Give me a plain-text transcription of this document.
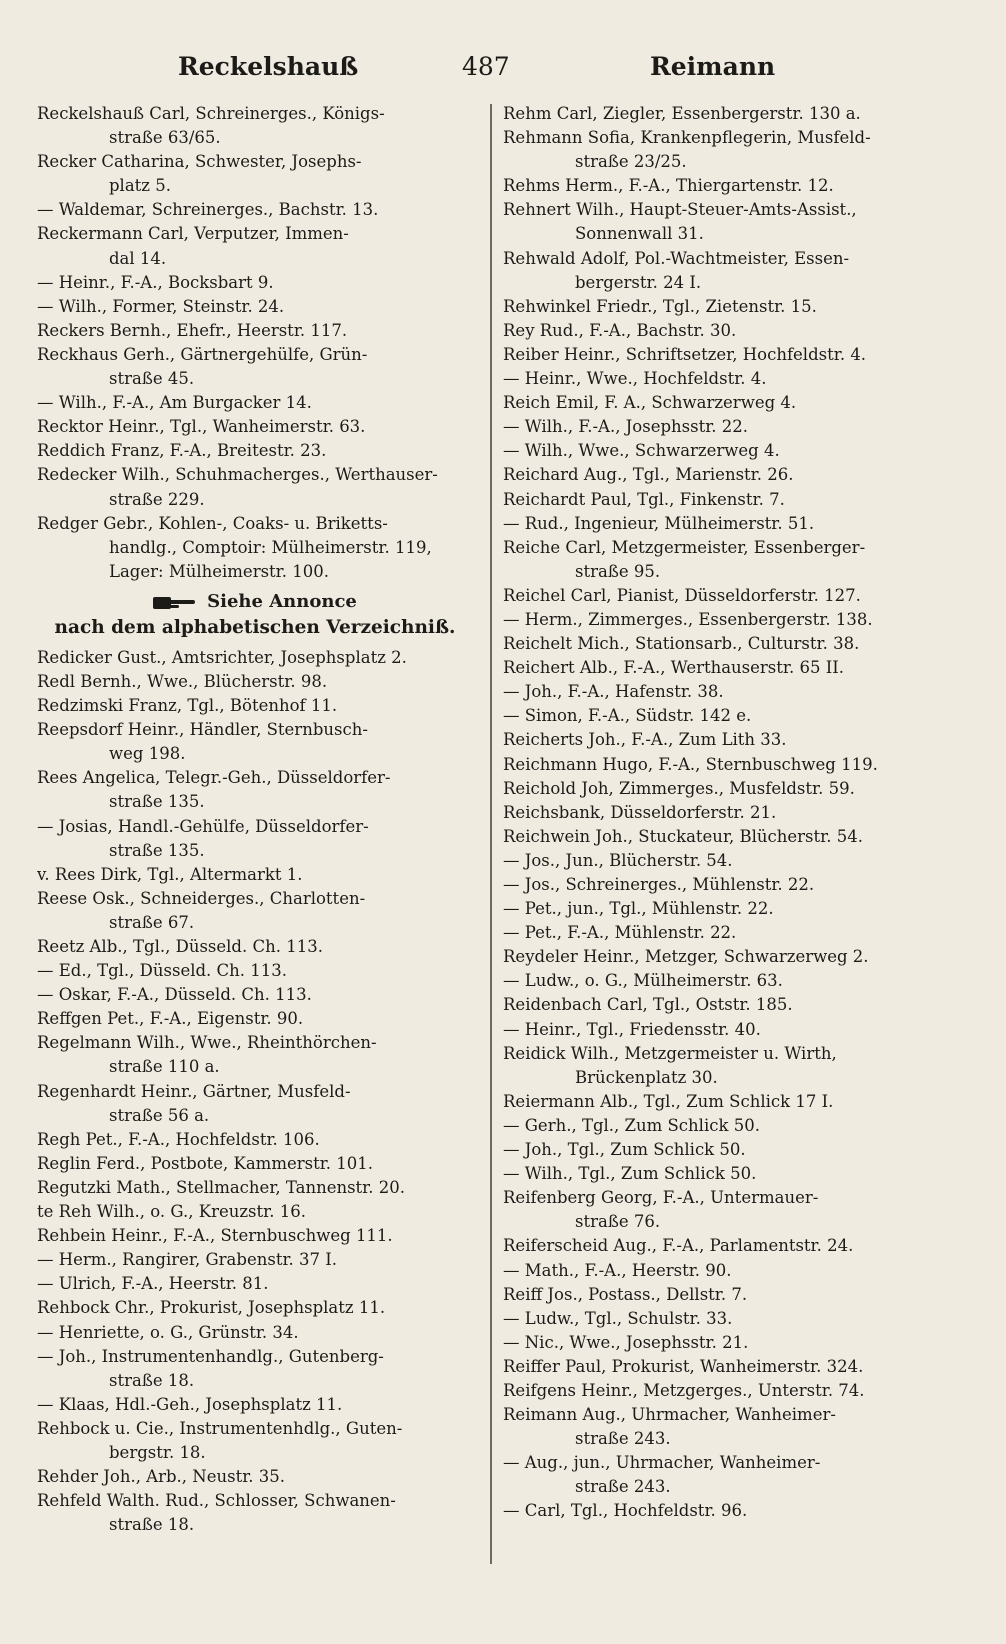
Reckelshauß	487	Reimann
Reckelshauß Carl, Schreinerges., Königs-
straße 63/65.
Recker Catharina, Schwester, Josephs-
platz 5.
— Waldemar, Schreinerges., Bachstr. 13.
Reckermann Carl, Verputzer, Immen-
dal 14.
— Heinr., F.-A., Bocksbart 9.
— Wilh., Former, Steinstr. 24.
Reckers Bernh., Ehefr., Heerstr. 117.
Reckhaus Gerh., Gärtnergehülfe, Grün-
straße 45.
— Wilh., F.-A., Am Burgacker 14.
Recktor Heinr., Tgl., Wanheimerstr. 63.
Reddich Franz, F.-A., Breitestr. 23.
Redecker Wilh., Schuhmacherges., Werthauser-
straße 229.
Redger Gebr., Kohlen-, Coaks- u. Briketts-
handlg., Comptoir: Mülheimerstr. 119,
Lager: Mülheimerstr. 100.
Siehe Annonce
nach dem alphabetischen Verzeichniß.
Redicker Gust., Amtsrichter, Josephsplatz 2.
Redl Bernh., Wwe., Blücherstr. 98.
Redzimski Franz, Tgl., Bötenhof 11.
Reepsdorf Heinr., Händler, Sternbusch-
weg 198.
Rees Angelica, Telegr.-Geh., Düsseldorfer-
straße 135.
— Josias, Handl.-Gehülfe, Düsseldorfer-
straße 135.
v. Rees Dirk, Tgl., Altermarkt 1.
Reese Osk., Schneiderges., Charlotten-
straße 67.
Reetz Alb., Tgl., Düsseld. Ch. 113.
— Ed., Tgl., Düsseld. Ch. 113.
— Oskar, F.-A., Düsseld. Ch. 113.
Reffgen Pet., F.-A., Eigenstr. 90.
Regelmann Wilh., Wwe., Rheinthörchen-
straße 110 a.
Regenhardt Heinr., Gärtner, Musfeld-
straße 56 a.
Regh Pet., F.-A., Hochfeldstr. 106.
Reglin Ferd., Postbote, Kammerstr. 101.
Regutzki Math., Stellmacher, Tannenstr. 20.
te Reh Wilh., o. G., Kreuzstr. 16.
Rehbein Heinr., F.-A., Sternbuschweg 111.
— Herm., Rangirer, Grabenstr. 37 I.
— Ulrich, F.-A., Heerstr. 81.
Rehbock Chr., Prokurist, Josephsplatz 11.
— Henriette, o. G., Grünstr. 34.
— Joh., Instrumentenhandlg., Gutenberg-
straße 18.
— Klaas, Hdl.-Geh., Josephsplatz 11.
Rehbock u. Cie., Instrumentenhdlg., Guten-
bergstr. 18.
Rehder Joh., Arb., Neustr. 35.
Rehfeld Walth. Rud., Schlosser, Schwanen-
straße 18.
Rehm Carl, Ziegler, Essenbergerstr. 130 a.
Rehmann Sofia, Krankenpflegerin, Musfeld-
straße 23/25.
Rehms Herm., F.-A., Thiergartenstr. 12.
Rehnert Wilh., Haupt-Steuer-Amts-Assist.,
Sonnenwall 31.
Rehwald Adolf, Pol.-Wachtmeister, Essen-
bergerstr. 24 I.
Rehwinkel Friedr., Tgl., Zietenstr. 15.
Rey Rud., F.-A., Bachstr. 30.
Reiber Heinr., Schriftsetzer, Hochfeldstr. 4.
— Heinr., Wwe., Hochfeldstr. 4.
Reich Emil, F. A., Schwarzerweg 4.
— Wilh., F.-A., Josephsstr. 22.
— Wilh., Wwe., Schwarzerweg 4.
Reichard Aug., Tgl., Marienstr. 26.
Reichardt Paul, Tgl., Finkenstr. 7.
— Rud., Ingenieur, Mülheimerstr. 51.
Reiche Carl, Metzgermeister, Essenberger-
straße 95.
Reichel Carl, Pianist, Düsseldorferstr. 127.
— Herm., Zimmerges., Essenbergerstr. 138.
Reichelt Mich., Stationsarb., Culturstr. 38.
Reichert Alb., F.-A., Werthauserstr. 65 II.
— Joh., F.-A., Hafenstr. 38.
— Simon, F.-A., Südstr. 142 e.
Reicherts Joh., F.-A., Zum Lith 33.
Reichmann Hugo, F.-A., Sternbuschweg 119.
Reichold Joh, Zimmerges., Musfeldstr. 59.
Reichsbank, Düsseldorferstr. 21.
Reichwein Joh., Stuckateur, Blücherstr. 54.
— Jos., Jun., Blücherstr. 54.
— Jos., Schreinerges., Mühlenstr. 22.
— Pet., jun., Tgl., Mühlenstr. 22.
— Pet., F.-A., Mühlenstr. 22.
Reydeler Heinr., Metzger, Schwarzerweg 2.
— Ludw., o. G., Mülheimerstr. 63.
Reidenbach Carl, Tgl., Oststr. 185.
— Heinr., Tgl., Friedensstr. 40.
Reidick Wilh., Metzgermeister u. Wirth,
Brückenplatz 30.
Reiermann Alb., Tgl., Zum Schlick 17 I.
— Gerh., Tgl., Zum Schlick 50.
— Joh., Tgl., Zum Schlick 50.
— Wilh., Tgl., Zum Schlick 50.
Reifenberg Georg, F.-A., Untermauer-
straße 76.
Reiferscheid Aug., F.-A., Parlamentstr. 24.
— Math., F.-A., Heerstr. 90.
Reiff Jos., Postass., Dellstr. 7.
— Ludw., Tgl., Schulstr. 33.
— Nic., Wwe., Josephsstr. 21.
Reiffer Paul, Prokurist, Wanheimerstr. 324.
Reifgens Heinr., Metzgerges., Unterstr. 74.
Reimann Aug., Uhrmacher, Wanheimer-
straße 243.
— Aug., jun., Uhrmacher, Wanheimer-
straße 243.
— Carl, Tgl., Hochfeldstr. 96.
